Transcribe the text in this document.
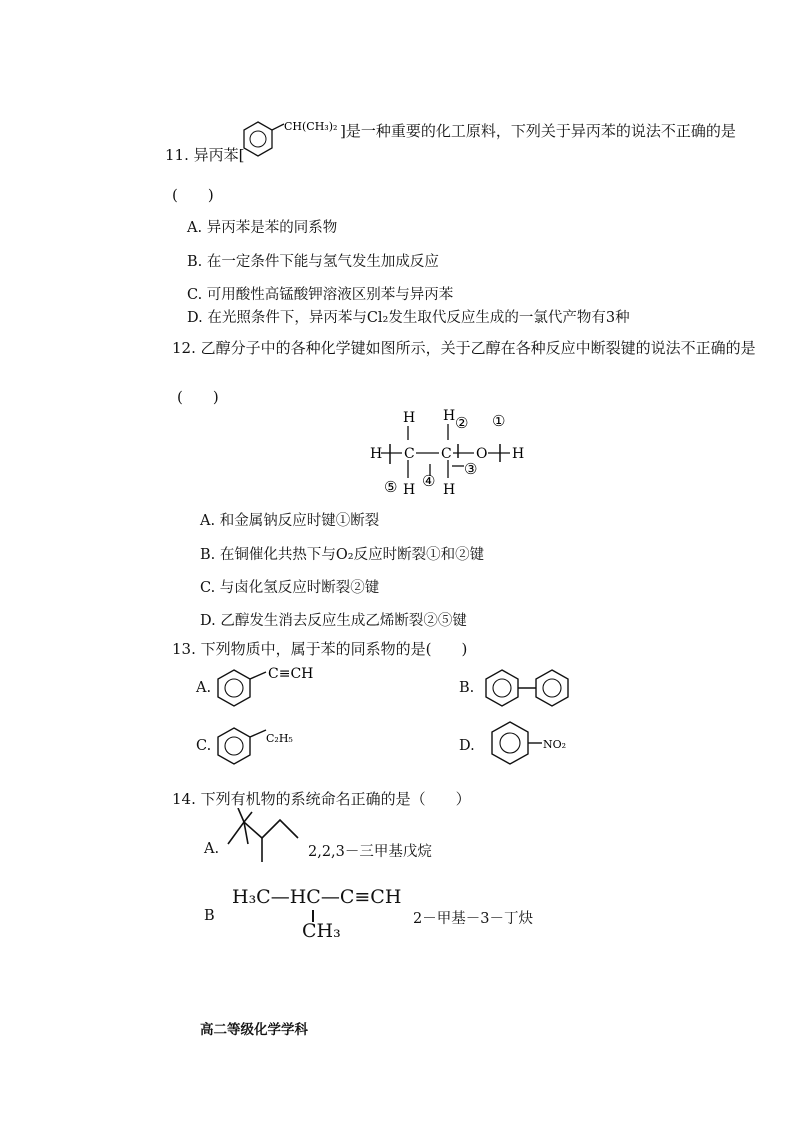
11. 异丙苯[
CH(CH₃)₂ ]是一种重要的化工原料，下列关于异丙苯的说法不正确的是
(　　)
A. 异丙苯是苯的同系物
B. 在一定条件下能与氢气发生加成反应
C. 可用酸性高锰酸钾溶液区别苯与异丙苯
D. 在光照条件下，异丙苯与Cl₂发生取代反应生成的一氯代产物有3种
12. 乙醇分子中的各种化学键如图所示，关于乙醇在各种反应中断裂键的说法不正确的是
(　　)
H H
H C C O H
H H
①
②
③
④
⑤
A. 和金属钠反应时键①断裂
B. 在铜催化共热下与O₂反应时断裂①和②键
C. 与卤化氢反应时断裂②键
D. 乙醇发生消去反应生成乙烯断裂②⑤键
13. 下列物质中，属于苯的同系物的是(　　)
A.
C≡CH
B.
C.	C₂H₅	D.	NO₂
14. 下列有机物的系统命名正确的是（　　）
A.	2,2,3－三甲基戊烷
B
H₃C—HC—C≡CH
CH₃
2－甲基－3－丁炔
高二等级化学学科
